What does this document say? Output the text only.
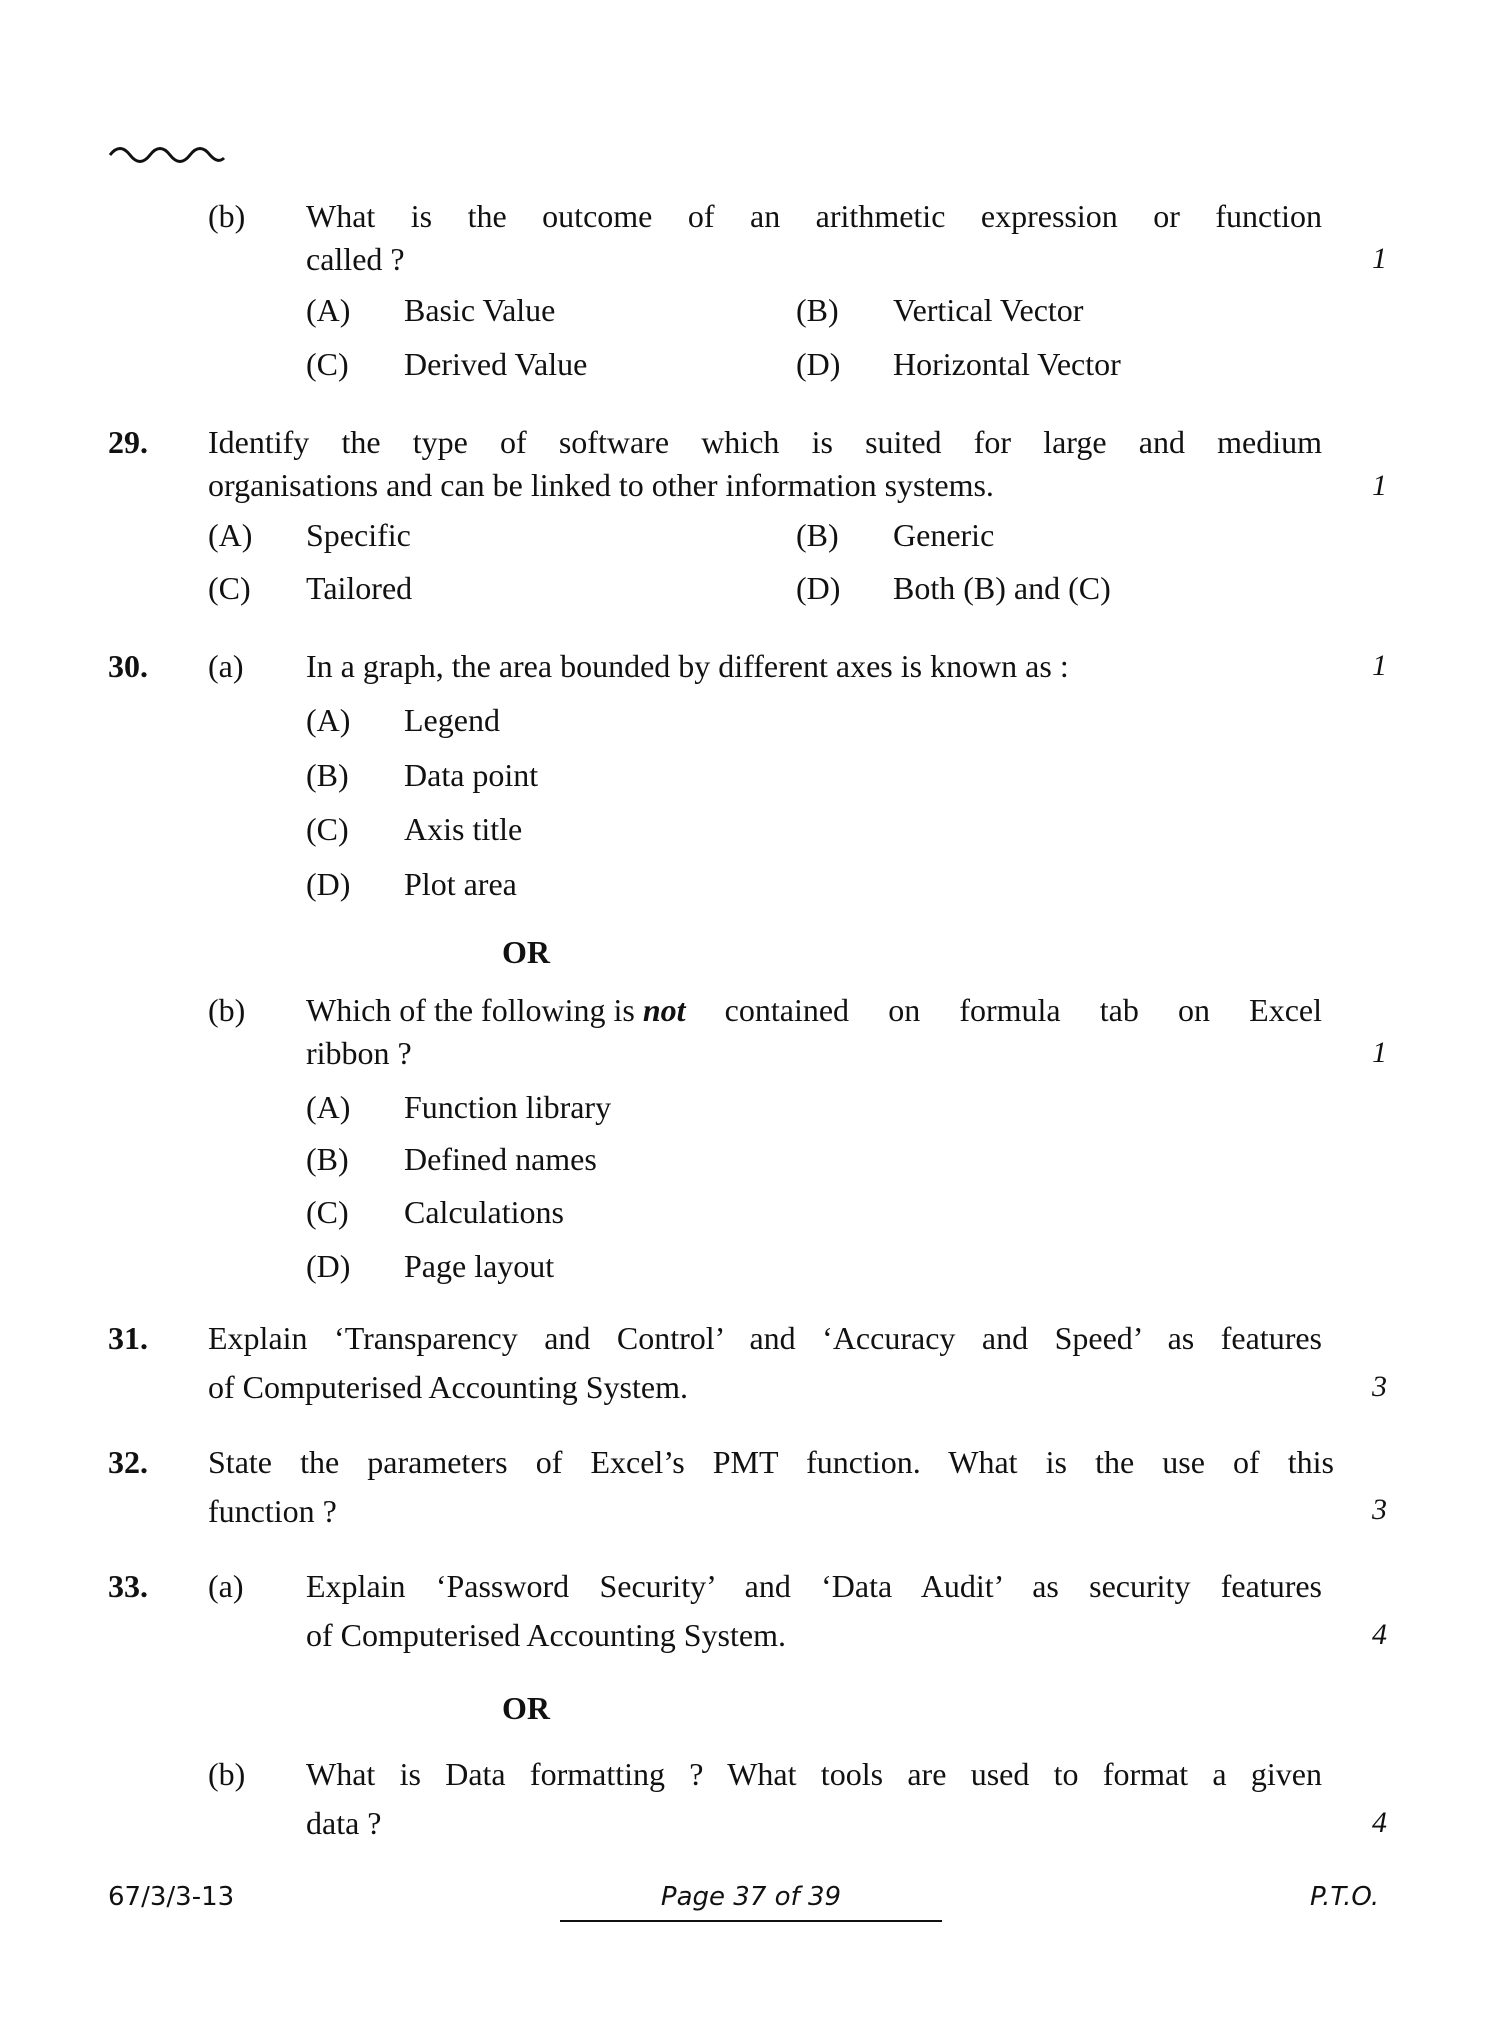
(b) What is the outcome of an arithmetic expression or function
called ?	1
(A) Basic Value	(B) Vertical Vector
(C) Derived Value	(D) Horizontal Vector
29. Identify the type of software which is suited for large and medium
organisations and can be linked to other information systems.	1
(A) Specific	(B) Generic
(C) Tailored	(D) Both (B) and (C)
30. (a) In a graph, the area bounded by different axes is known as :	1
(A) Legend
(B) Data point
(C) Axis title
(D) Plot area
OR
(b) Which of the following is not contained on formula tab on Excel
ribbon ?	1
(A) Function library
(B) Defined names
(C) Calculations
(D) Page layout
31. Explain ‘Transparency and Control’ and ‘Accuracy and Speed’ as features
of Computerised Accounting System.	3
32. State the parameters of Excel’s PMT function. What is the use of this
function ?	3
33. (a) Explain ‘Password Security’ and ‘Data Audit’ as security features
of Computerised Accounting System.	4
OR
(b) What is Data formatting ? What tools are used to format a given
data ?	4
67/3/3-13	Page 37 of 39	P.T.O.
